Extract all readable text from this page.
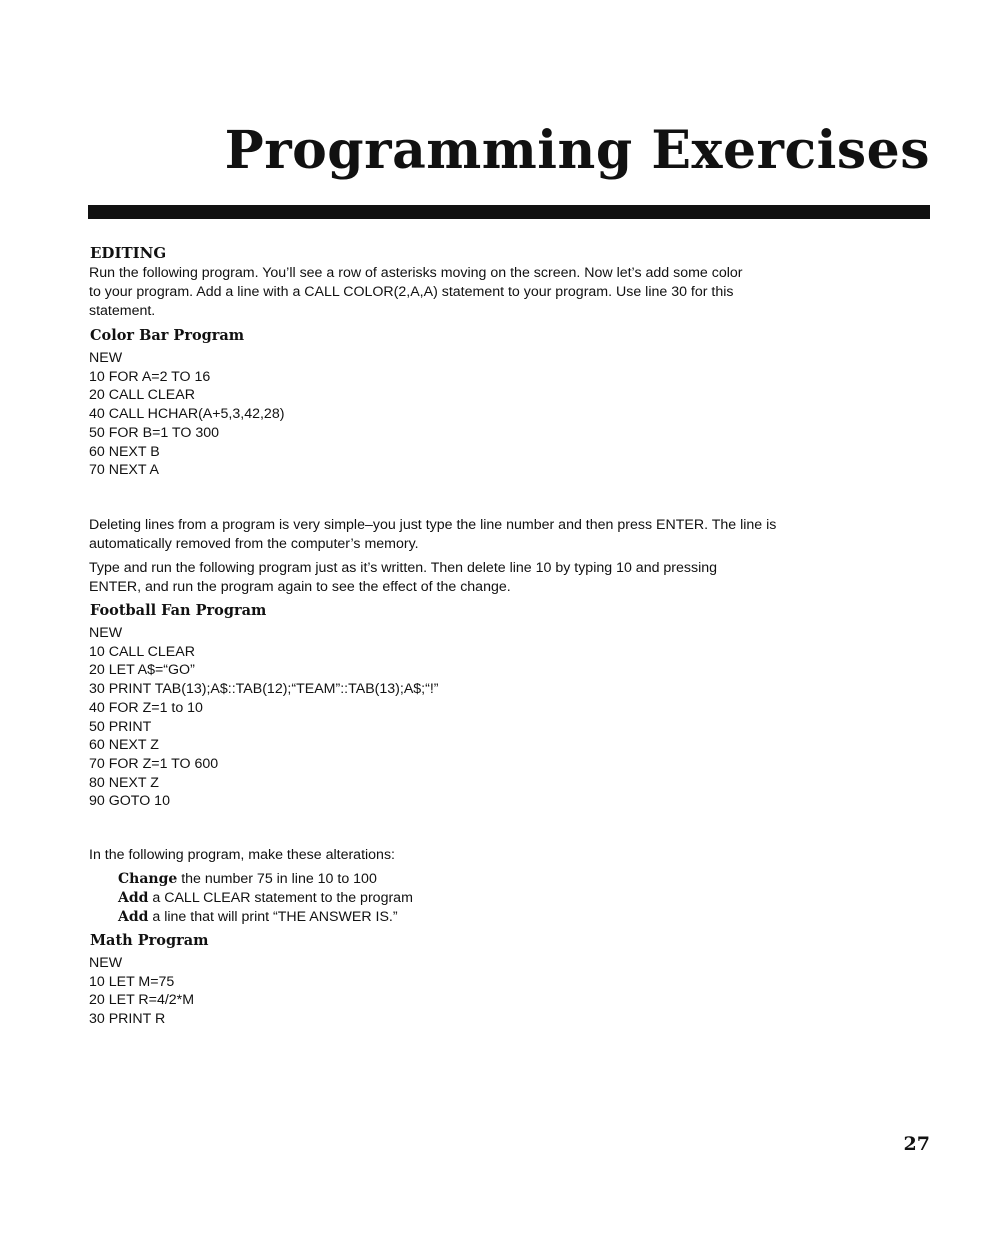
Programming Exercises
EDITING

Run the following program. You’ll see a row of asterisks moving on the screen. Now let’s add some color to your program. Add a line with a CALL COLOR(2,A,A) statement to your program. Use line 30 for this statement.

Color Bar Program
NEW
10 FOR A=2 TO 16
20 CALL CLEAR
40 CALL HCHAR(A+5,3,42,28)
50 FOR B=1 TO 300
60 NEXT B
70 NEXT A

Deleting lines from a program is very simple–you just type the line number and then press ENTER. The line is automatically removed from the computer’s memory.

Type and run the following program just as it’s written. Then delete line 10 by typing 10 and pressing ENTER, and run the program again to see the effect of the change.

Football Fan Program
NEW
10 CALL CLEAR
20 LET A$=“GO”
30 PRINT TAB(13);A$::TAB(12);“TEAM”::TAB(13);A$;“!”
40 FOR Z=1 to 10
50 PRINT
60 NEXT Z
70 FOR Z=1 TO 600
80 NEXT Z
90 GOTO 10

In the following program, make these alterations:

Change the number 75 in line 10 to 100
Add a CALL CLEAR statement to the program
Add a line that will print “THE ANSWER IS.”
Math Program
NEW
10 LET M=75
20 LET R=4/2*M
30 PRINT R

27
